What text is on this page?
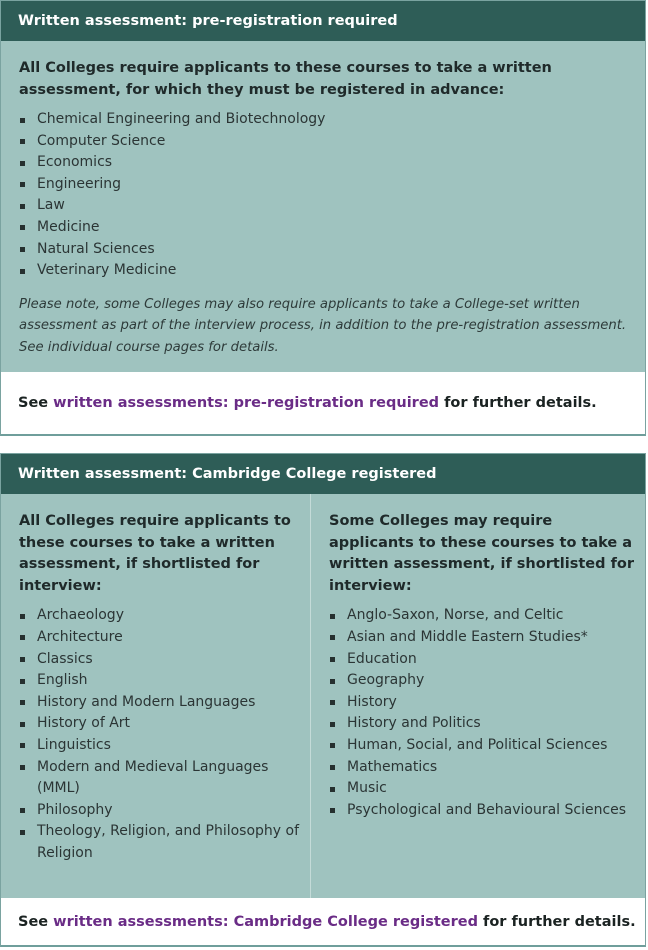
Written assessment: pre-registration required

All Colleges require applicants to these courses to take a written assessment, for which they must be registered in advance:

Chemical Engineering and Biotechnology
Computer Science
Economics
Engineering
Law
Medicine
Natural Sciences
Veterinary Medicine

Please note, some Colleges may also require applicants to take a College-set written assessment as part of the interview process, in addition to the pre-registration assessment. See individual course pages for details.

See written assessments: pre-registration required for further details.
Written assessment: Cambridge College registered

All Colleges require applicants to these courses to take a written assessment, if shortlisted for interview:

Archaeology
Architecture
Classics
English
History and Modern Languages
History of Art
Linguistics
Modern and Medieval Languages (MML)
Philosophy
Theology, Religion, and Philosophy of Religion

Some Colleges may require applicants to these courses to take a written assessment, if shortlisted for interview:

Anglo-Saxon, Norse, and Celtic
Asian and Middle Eastern Studies*
Education
Geography
History
History and Politics
Human, Social, and Political Sciences
Mathematics
Music
Psychological and Behavioural Sciences
See written assessments: Cambridge College registered for further details.
